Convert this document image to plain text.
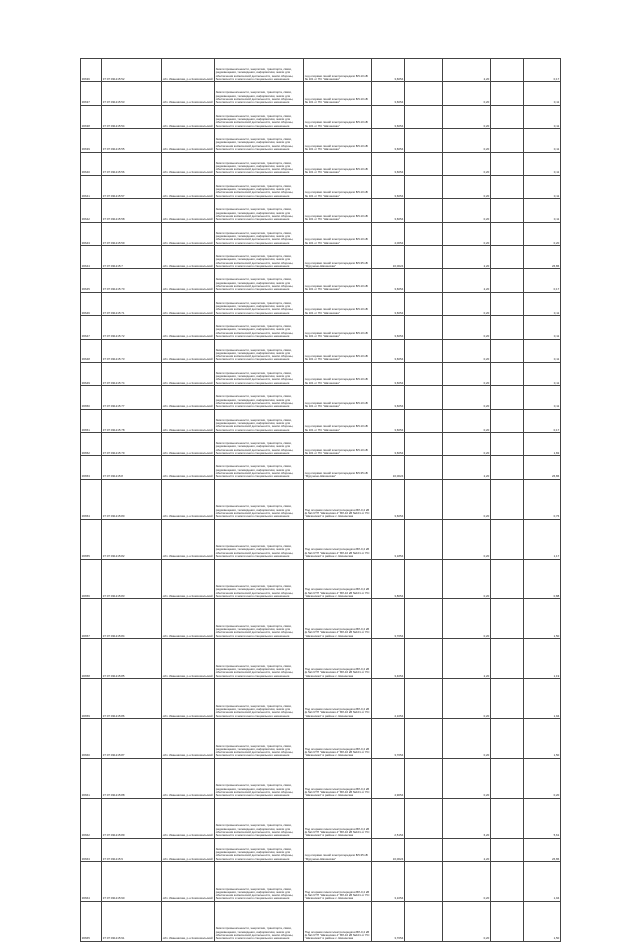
36636	37:07:031215:52	обл. Ивановская, р-н Комсомольский	Земли промышленности, энергетики, транспорта, связи, радиовещания, телевидения, информатики, земли для обеспечения космической деятельности, земли обороны, безопасности и земли иного специального назначения	под опорами линий электропередачи ВЛ-10 кВ № 101 от ПС "Шачинская"	3,6054		2,20		0,17
36637	37:07:031215:53	обл. Ивановская, р-н Комсомольский	Земли промышленности, энергетики, транспорта, связи, радиовещания, телевидения, информатики, земли для обеспечения космической деятельности, земли обороны, безопасности и земли иного специального назначения	под опорами линий электропередачи ВЛ-10 кВ № 101 от ПС "Шачинская"	3,6054		0,20		0,11
36638	37:07:031215:54	обл. Ивановская, р-н Комсомольский	Земли промышленности, энергетики, транспорта, связи, радиовещания, телевидения, информатики, земли для обеспечения космической деятельности, земли обороны, безопасности и земли иного специального назначения	под опорами линий электропередачи ВЛ-10 кВ № 101 от ПС "Шачинская"	3,6054		0,20		0,11
36639	37:07:031215:55	обл. Ивановская, р-н Комсомольский	Земли промышленности, энергетики, транспорта, связи, радиовещания, телевидения, информатики, земли для обеспечения космической деятельности, земли обороны, безопасности и земли иного специального назначения	под опорами линий электропередачи ВЛ-10 кВ № 101 от ПС "Шачинская"	3,6054		0,20		0,11
36640	37:07:031215:56	обл. Ивановская, р-н Комсомольский	Земли промышленности, энергетики, транспорта, связи, радиовещания, телевидения, информатики, земли для обеспечения космической деятельности, земли обороны, безопасности и земли иного специального назначения	под опорами линий электропередачи ВЛ-10 кВ № 101 от ПС "Шачинская"	3,6054		0,20		0,11
36641	37:07:031215:57	обл. Ивановская, р-н Комсомольский	Земли промышленности, энергетики, транспорта, связи, радиовещания, телевидения, информатики, земли для обеспечения космической деятельности, земли обороны, безопасности и земли иного специального назначения	под опорами линий электропередачи ВЛ-10 кВ № 101 от ПС "Шачинская"	3,6054		0,20		0,11
36642	37:07:031215:58	обл. Ивановская, р-н Комсомольский	Земли промышленности, энергетики, транспорта, связи, радиовещания, телевидения, информатики, земли для обеспечения космической деятельности, земли обороны, безопасности и земли иного специального назначения	под опорами линий электропередачи ВЛ-10 кВ № 101 от ПС "Шачинская"	3,6054		0,20		0,11
36643	37:07:031215:59	обл. Ивановская, р-н Комсомольский	Земли промышленности, энергетики, транспорта, связи, радиовещания, телевидения, информатики, земли для обеспечения космической деятельности, земли обороны, безопасности и земли иного специального назначения	под опорами линий электропередачи ВЛ-10 кВ № 101 от ПС "Шачинская"	4,0054		0,20		0,20
36644	37:07:031215:7	обл. Ивановская, р-н Комсомольский	Земли промышленности, энергетики, транспорта, связи, радиовещания, телевидения, информатики, земли для обеспечения космической деятельности, земли обороны, безопасности и земли иного специального назначения	под опорами линий электропередачи ВЛ-35 кВ "Мурунино-Шачинская"	16,0024		2,20		26,86
36645	37:07:031215:70	обл. Ивановская, р-н Комсомольский	Земли промышленности, энергетики, транспорта, связи, радиовещания, телевидения, информатики, земли для обеспечения космической деятельности, земли обороны, безопасности и земли иного специального назначения	под опорами линий электропередачи ВЛ-10 кВ № 101 от ПС "Шачинская"	3,6054		2,20		0,17
36646	37:07:031215:71	обл. Ивановская, р-н Комсомольский	Земли промышленности, энергетики, транспорта, связи, радиовещания, телевидения, информатики, земли для обеспечения космической деятельности, земли обороны, безопасности и земли иного специального назначения	под опорами линий электропередачи ВЛ-10 кВ № 101 от ПС "Шачинская"	3,6054		0,20		0,11
36647	37:07:031215:72	обл. Ивановская, р-н Комсомольский	Земли промышленности, энергетики, транспорта, связи, радиовещания, телевидения, информатики, земли для обеспечения космической деятельности, земли обороны, безопасности и земли иного специального назначения	под опорами линий электропередачи ВЛ-10 кВ № 101 от ПС "Шачинская"	3,6054		0,20		0,11
36648	37:07:031215:73	обл. Ивановская, р-н Комсомольский	Земли промышленности, энергетики, транспорта, связи, радиовещания, телевидения, информатики, земли для обеспечения космической деятельности, земли обороны, безопасности и земли иного специального назначения	под опорами линий электропередачи ВЛ-10 кВ № 101 от ПС "Шачинская"	3,6054		0,20		0,11
36649	37:07:031215:74	обл. Ивановская, р-н Комсомольский	Земли промышленности, энергетики, транспорта, связи, радиовещания, телевидения, информатики, земли для обеспечения космической деятельности, земли обороны, безопасности и земли иного специального назначения	под опорами линий электропередачи ВЛ-10 кВ № 101 от ПС "Шачинская"	3,6054		0,20		0,11
36650	37:07:031215:77	обл. Ивановская, р-н Комсомольский	Земли промышленности, энергетики, транспорта, связи, радиовещания, телевидения, информатики, земли для обеспечения космической деятельности, земли обороны, безопасности и земли иного специального назначения	под опорами линий электропередачи ВЛ-10 кВ № 101 от ПС "Шачинская"	3,6054		0,20		0,11
36651	37:07:031215:78	обл. Ивановская, р-н Комсомольский	Земли промышленности, энергетики, транспорта, связи, радиовещания, телевидения, информатики, земли для обеспечения космической деятельности, земли обороны, безопасности и земли иного специального назначения	под опорами линий электропередачи ВЛ-10 кВ № 101 от ПС "Шачинская"	3,6054		0,20		0,17
36652	37:07:031215:79	обл. Ивановская, р-н Комсомольский	Земли промышленности, энергетики, транспорта, связи, радиовещания, телевидения, информатики, земли для обеспечения космической деятельности, земли обороны, безопасности и земли иного специального назначения	под опорами линий электропередачи ВЛ-10 кВ № 101 от ПС "Шачинская"	3,6054		0,20		1,82
36653	37:07:031215:8	обл. Ивановская, р-н Комсомольский	Земли промышленности, энергетики, транспорта, связи, радиовещания, телевидения, информатики, земли для обеспечения космической деятельности, земли обороны, безопасности и земли иного специального назначения	под опорами линий электропередачи ВЛ-35 кВ "Мурунино-Шачинская"	16,0024		2,20		26,86
36654	37:07:031215:80	обл. Ивановская, р-н Комсомольский	Земли промышленности, энергетики, транспорта, связи, радиовещания, телевидения, информатики, земли для обеспечения космической деятельности, земли обороны, безопасности и земли иного специального назначения	Под опорами линии электропередачи ВЛ-0,4 кВ ф.№1 КТП "Шачинская-1" ВЛ-10 кВ №101 от ПС "Шачинская" в районе с. Шачинская	3,6054		0,20		0,76
36655	37:07:031215:82	обл. Ивановская, р-н Комсомольский	Земли промышленности, энергетики, транспорта, связи, радиовещания, телевидения, информатики, земли для обеспечения космической деятельности, земли обороны, безопасности и земли иного специального назначения	Под опорами линии электропередачи ВЛ-0,4 кВ ф.№1 КТП "Шачинская-1" ВЛ-10 кВ №101 от ПС "Шачинская" в районе с. Шачинская	3,1854		0,20		1,17
36656	37:07:031215:83	обл. Ивановская, р-н Комсомольский	Земли промышленности, энергетики, транспорта, связи, радиовещания, телевидения, информатики, земли для обеспечения космической деятельности, земли обороны, безопасности и земли иного специального назначения	Под опорами линии электропередачи ВЛ-0,4 кВ ф.№1 КТП "Шачинская-1" ВЛ-10 кВ №101 от ПС "Шачинская" в районе с. Шачинская	3,8054		0,20		0,88
36657	37:07:031215:84	обл. Ивановская, р-н Комсомольский	Земли промышленности, энергетики, транспорта, связи, радиовещания, телевидения, информатики, земли для обеспечения космической деятельности, земли обороны, безопасности и земли иного специального назначения	Под опорами линии электропередачи ВЛ-0,4 кВ ф.№1 КТП "Шачинская-1" ВЛ-10 кВ №101 от ПС "Шачинская" в районе с. Шачинская	3,7054		0,20		1,50
36658	37:07:031215:85	обл. Ивановская, р-н Комсомольский	Земли промышленности, энергетики, транспорта, связи, радиовещания, телевидения, информатики, земли для обеспечения космической деятельности, земли обороны, безопасности и земли иного специального назначения	Под опорами линии электропередачи ВЛ-0,4 кВ ф.№1 КТП "Шачинская-1" ВЛ-10 кВ №101 от ПС "Шачинская" в районе с. Шачинская	3,4054		2,20		1,19
36659	37:07:031215:86	обл. Ивановская, р-н Комсомольский	Земли промышленности, энергетики, транспорта, связи, радиовещания, телевидения, информатики, земли для обеспечения космической деятельности, земли обороны, безопасности и земли иного специального назначения	Под опорами линии электропередачи ВЛ-0,4 кВ ф.№1 КТП "Шачинская-1" ВЛ-10 кВ №101 от ПС "Шачинская" в районе с. Шачинская	4,1054		0,20		1,94
36660	37:07:031215:87	обл. Ивановская, р-н Комсомольский	Земли промышленности, энергетики, транспорта, связи, радиовещания, телевидения, информатики, земли для обеспечения космической деятельности, земли обороны, безопасности и земли иного специального назначения	Под опорами линии электропередачи ВЛ-0,4 кВ ф.№1 КТП "Шачинская-1" ВЛ-10 кВ №101 от ПС "Шачинская" в районе с. Шачинская	3,7054		0,20		1,50
36661	37:07:031215:88	обл. Ивановская, р-н Комсомольский	Земли промышленности, энергетики, транспорта, связи, радиовещания, телевидения, информатики, земли для обеспечения космической деятельности, земли обороны, безопасности и земли иного специального назначения	Под опорами линии электропередачи ВЛ-0,4 кВ ф.№1 КТП "Шачинская-1" ВЛ-10 кВ №101 от ПС "Шачинская" в районе с. Шачинская	4,9054		0,20		0,20
36662	37:07:031215:89	обл. Ивановская, р-н Комсомольский	Земли промышленности, энергетики, транспорта, связи, радиовещания, телевидения, информатики, земли для обеспечения космической деятельности, земли обороны, безопасности и земли иного специального назначения	Под опорами линии электропередачи ВЛ-0,4 кВ ф.№1 КТП "Шачинская-1" ВЛ-10 кВ №101 от ПС "Шачинская" в районе с. Шачинская	2,5154		6,20		5,61
36663	37:07:031215:9	обл. Ивановская, р-н Комсомольский	Земли промышленности, энергетики, транспорта, связи, радиовещания, телевидения, информатики, земли для обеспечения космической деятельности, земли обороны, безопасности и земли иного специального назначения	под опорами линий электропередачи ВЛ-35 кВ "Мурунино-Шачинская"	16,0024		2,20		26,86
36664	37:07:031215:90	обл. Ивановская, р-н Комсомольский	Земли промышленности, энергетики, транспорта, связи, радиовещания, телевидения, информатики, земли для обеспечения космической деятельности, земли обороны, безопасности и земли иного специального назначения	Под опорами линии электропередачи ВЛ-0,4 кВ ф.№1 КТП "Шачинская-1" ВЛ-10 кВ №101 от ПС "Шачинская" в районе с. Шачинская	3,1054		0,20		1,94
36665	37:07:031215:91	обл. Ивановская, р-н Комсомольский	Земли промышленности, энергетики, транспорта, связи, радиовещания, телевидения, информатики, земли для обеспечения космической деятельности, земли обороны, безопасности и земли иного специального назначения	Под опорами линии электропередачи ВЛ-0,4 кВ ф.№1 КТП "Шачинская-1" ВЛ-10 кВ №101 от ПС "Шачинская" в районе с. Шачинская	3,7054		0,20		1,50
